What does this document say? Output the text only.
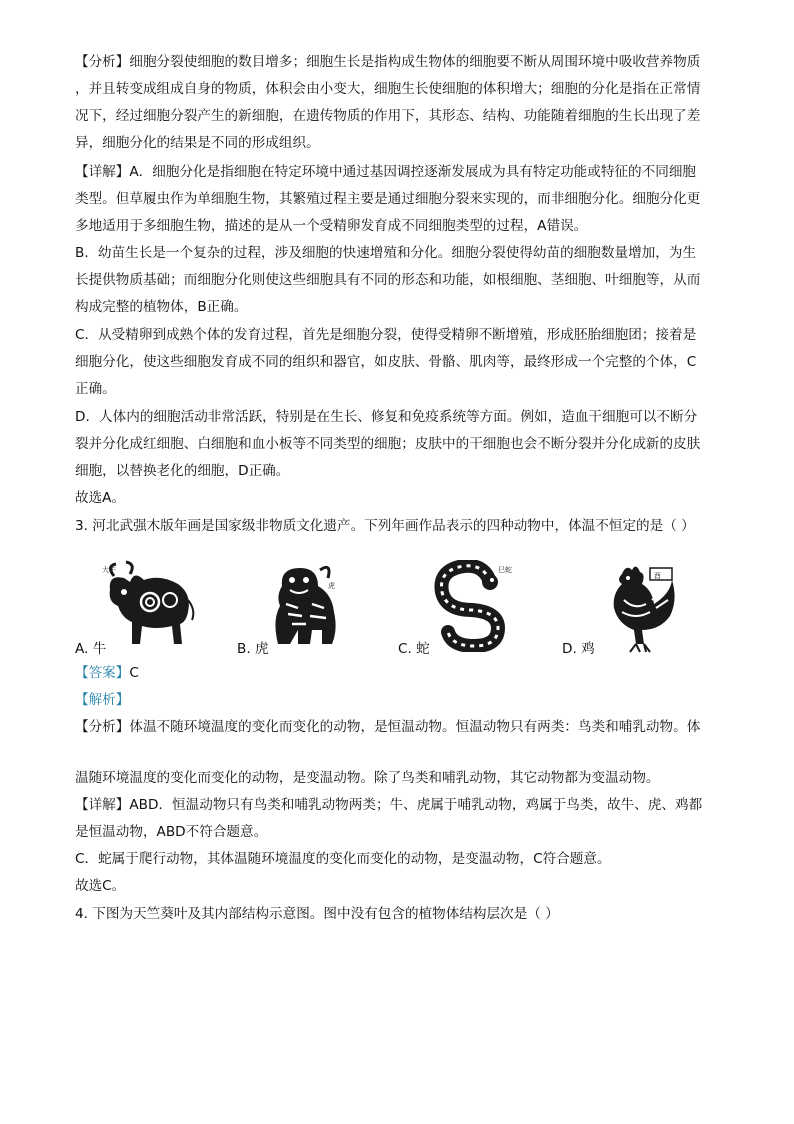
【分析】细胞分裂使细胞的数目增多；细胞生长是指构成生物体的细胞要不断从周围环境中吸收营养物质
，并且转变成组成自身的物质，体积会由小变大，细胞生长使细胞的体积增大；细胞的分化是指在正常情
况下，经过细胞分裂产生的新细胞，在遗传物质的作用下，其形态、结构、功能随着细胞的生长出现了差
异，细胞分化的结果是不同的形成组织。
【详解】A．细胞分化是指细胞在特定环境中通过基因调控逐渐发展成为具有特定功能或特征的不同细胞
类型。但草履虫作为单细胞生物，其繁殖过程主要是通过细胞分裂来实现的，而非细胞分化。细胞分化更
多地适用于多细胞生物，描述的是从一个受精卵发育成不同细胞类型的过程，A错误。
B．幼苗生长是一个复杂的过程，涉及细胞的快速增殖和分化。细胞分裂使得幼苗的细胞数量增加，为生
长提供物质基础；而细胞分化则使这些细胞具有不同的形态和功能，如根细胞、茎细胞、叶细胞等，从而
构成完整的植物体，B正确。
C．从受精卵到成熟个体的发育过程，首先是细胞分裂，使得受精卵不断增殖，形成胚胎细胞团；接着是
细胞分化，使这些细胞发育成不同的组织和器官，如皮肤、骨骼、肌肉等，最终形成一个完整的个体，C
正确。
D．人体内的细胞活动非常活跃，特别是在生长、修复和免疫系统等方面。例如，造血干细胞可以不断分
裂并分化成红细胞、白细胞和血小板等不同类型的细胞；皮肤中的干细胞也会不断分裂并分化成新的皮肤
细胞，以替换老化的细胞，D正确。
故选A。
3. 河北武强木版年画是国家级非物质文化遗产。下列年画作品表示的四种动物中，体温不恒定的是（ ）
大牛
虎
巳蛇
酉
A. 牛	B. 虎	C. 蛇	D. 鸡
【答案】C
【解析】
【分析】体温不随环境温度的变化而变化的动物，是恒温动物。恒温动物只有两类：鸟类和哺乳动物。体
温随环境温度的变化而变化的动物，是变温动物。除了鸟类和哺乳动物，其它动物都为变温动物。
【详解】ABD．恒温动物只有鸟类和哺乳动物两类；牛、虎属于哺乳动物，鸡属于鸟类，故牛、虎、鸡都
是恒温动物，ABD不符合题意。
C．蛇属于爬行动物，其体温随环境温度的变化而变化的动物，是变温动物，C符合题意。
故选C。
4. 下图为天竺葵叶及其内部结构示意图。图中没有包含的植物体结构层次是（ ）
